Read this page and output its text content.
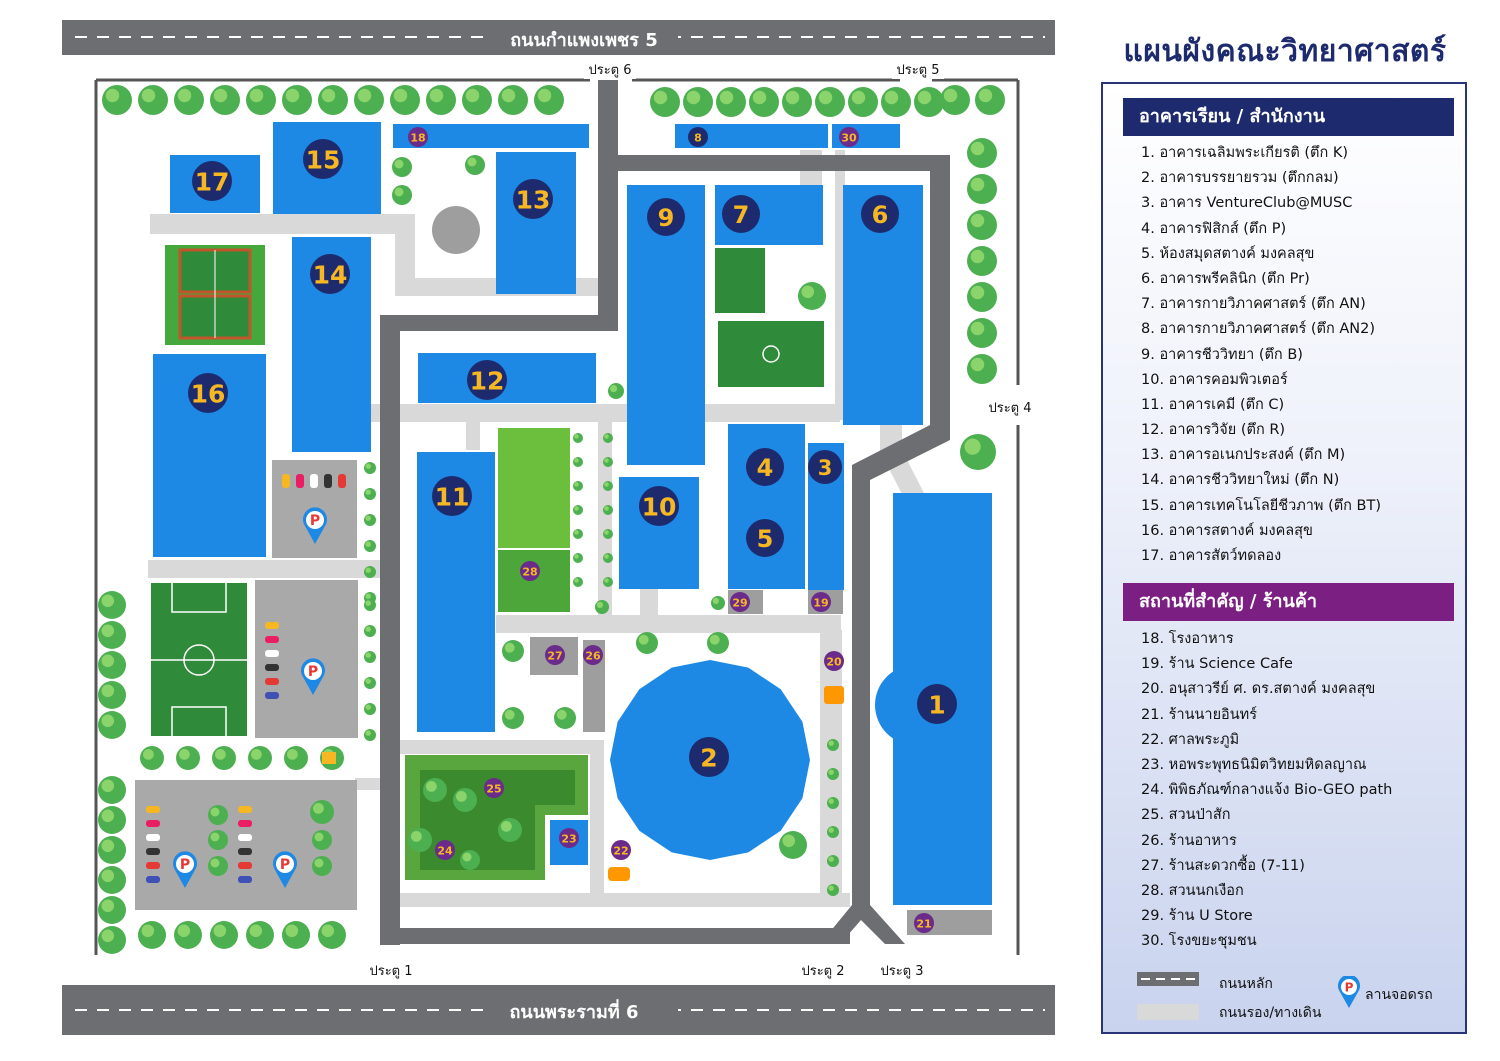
ถนนกำแพงเพชร 5
ถนนพระรามที่ 6
P
P
P	P
1
2
3
4
5
6
7
8
9
10
11
12
13
14
15
16
17
18
19
20
21
22
23
24
25
26
27
28
29
30
ประตู 6	ประตู 5
ประตู 4
ประตู 1	ประตู 2	ประตู 3
แผนผังคณะวิทยาศาสตร์
อาคารเรียน / สำนักงาน
1. อาคารเฉลิมพระเกียรติ (ตึก K)
2. อาคารบรรยายรวม (ตึกกลม)
3. อาคาร VentureClub@MUSC
4. อาคารฟิสิกส์ (ตึก P)
5. ห้องสมุดสตางค์ มงคลสุข
6. อาคารพรีคลินิก (ตึก Pr)
7. อาคารกายวิภาคศาสตร์ (ตึก AN)
8. อาคารกายวิภาคศาสตร์ (ตึก AN2)
9. อาคารชีววิทยา (ตึก B)
10. อาคารคอมพิวเตอร์
11. อาคารเคมี (ตึก C)
12. อาคารวิจัย (ตึก R)
13. อาคารอเนกประสงค์ (ตึก M)
14. อาคารชีววิทยาใหม่ (ตึก N)
15. อาคารเทคโนโลยีชีวภาพ (ตึก BT)
16. อาคารสตางค์ มงคลสุข
17. อาคารสัตว์ทดลอง
สถานที่สำคัญ / ร้านค้า
18. โรงอาหาร
19. ร้าน Science Cafe
20. อนุสาวรีย์ ศ. ดร.สตางค์ มงคลสุข
21. ร้านนายอินทร์
22. ศาลพระภูมิ
23. หอพระพุทธนิมิตวิทยมหิดลญาณ
24. พิพิธภัณฑ์กลางแจ้ง Bio-GEO path
25. สวนป่าสัก
26. ร้านอาหาร
27. ร้านสะดวกซื้อ (7-11)
28. สวนนกเงือก
29. ร้าน U Store
30. โรงขยะชุมชน
ถนนหลัก
ถนนรอง/ทางเดิน
P ลานจอดรถ
